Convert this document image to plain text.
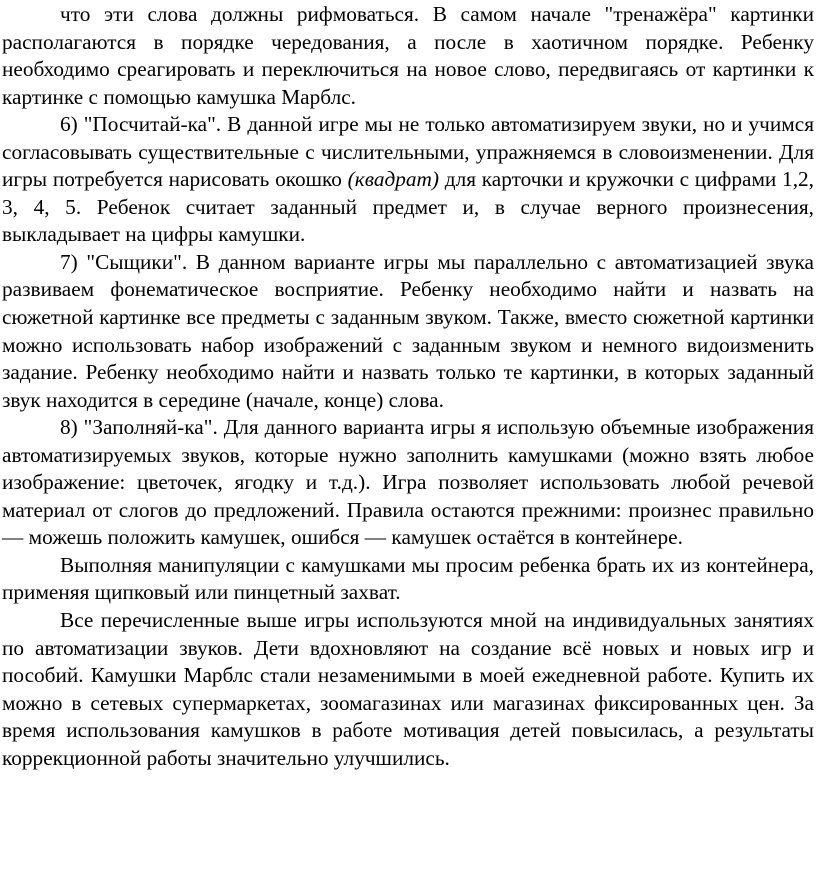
что эти слова должны рифмоваться. В самом начале "тренажёра" картинки располагаются в порядке чередования, а после в хаотичном порядке. Ребенку необходимо среагировать и переключиться на новое слово, передвигаясь от картинки к картинке с помощью камушка Марблс.

6) "Посчитай-ка". В данной игре мы не только автоматизируем звуки, но и учимся согласовывать существительные с числительными, упражняемся в словоизменении. Для игры потребуется нарисовать окошко (квадрат) для карточки и кружочки с цифрами 1,2, 3, 4, 5. Ребенок считает заданный предмет и, в случае верного произнесения, выкладывает на цифры камушки.

7) "Сыщики". В данном варианте игры мы параллельно с автоматизацией звука развиваем фонематическое восприятие. Ребенку необходимо найти и назвать на сюжетной картинке все предметы с заданным звуком. Также, вместо сюжетной картинки можно использовать набор изображений с заданным звуком и немного видоизменить задание. Ребенку необходимо найти и назвать только те картинки, в которых заданный звук находится в середине (начале, конце) слова.

8) "Заполняй-ка". Для данного варианта игры я использую объемные изображения автоматизируемых звуков, которые нужно заполнить камушками (можно взять любое изображение: цветочек, ягодку и т.д.). Игра позволяет использовать любой речевой материал от слогов до предложений. Правила остаются прежними: произнес правильно — можешь положить камушек, ошибся — камушек остаётся в контейнере.

Выполняя манипуляции с камушками мы просим ребенка брать их из контейнера, применяя щипковый или пинцетный захват.

Все перечисленные выше игры используются мной на индивидуальных занятиях по автоматизации звуков. Дети вдохновляют на создание всё новых и новых игр и пособий. Камушки Марблс стали незаменимыми в моей ежедневной работе. Купить их можно в сетевых супермаркетах, зоомагазинах или магазинах фиксированных цен. За время использования камушков в работе мотивация детей повысилась, а результаты коррекционной работы значительно улучшились.
